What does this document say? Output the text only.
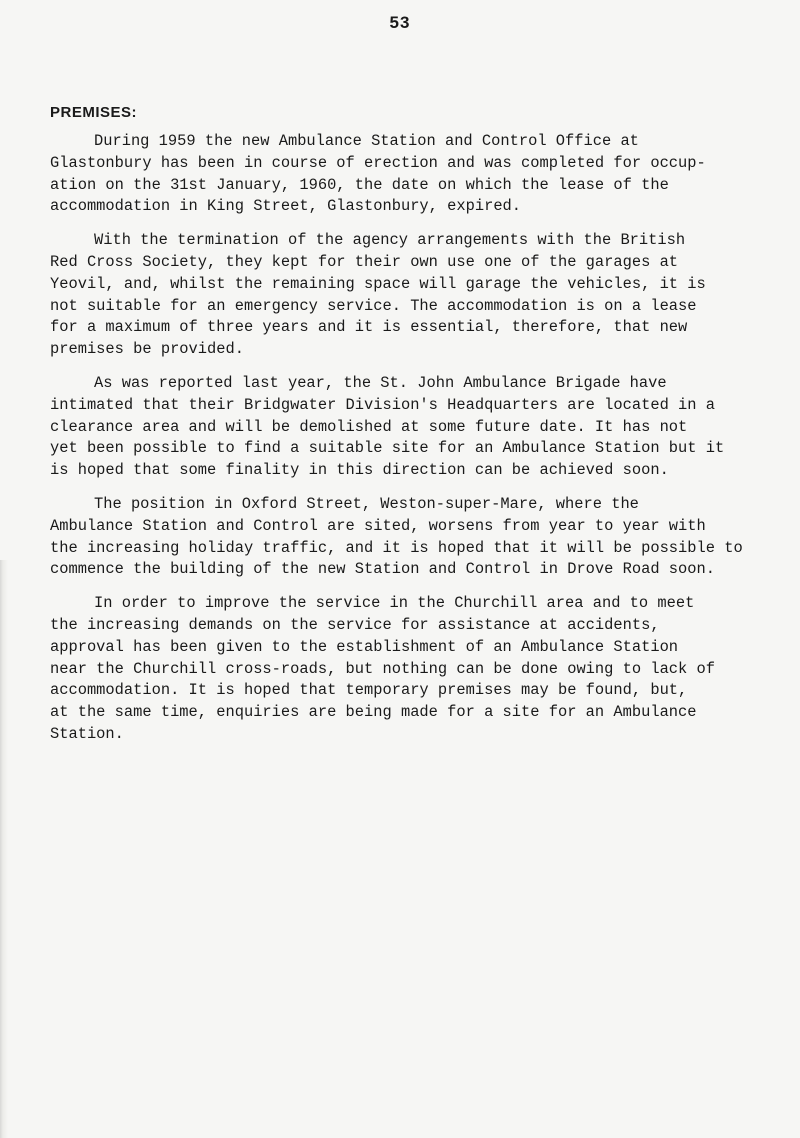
53
PREMISES:
During 1959 the new Ambulance Station and Control Office at
Glastonbury has been in course of erection and was completed for occup-
ation on the 31st January, 1960, the date on which the lease of the
accommodation in King Street, Glastonbury, expired.
With the termination of the agency arrangements with the British
Red Cross Society, they kept for their own use one of the garages at
Yeovil, and, whilst the remaining space will garage the vehicles, it is
not suitable for an emergency service. The accommodation is on a lease
for a maximum of three years and it is essential, therefore, that new
premises be provided.
As was reported last year, the St. John Ambulance Brigade have
intimated that their Bridgwater Division's Headquarters are located in a
clearance area and will be demolished at some future date. It has not
yet been possible to find a suitable site for an Ambulance Station but it
is hoped that some finality in this direction can be achieved soon.
The position in Oxford Street, Weston-super-Mare, where the
Ambulance Station and Control are sited, worsens from year to year with
the increasing holiday traffic, and it is hoped that it will be possible to
commence the building of the new Station and Control in Drove Road soon.
In order to improve the service in the Churchill area and to meet
the increasing demands on the service for assistance at accidents,
approval has been given to the establishment of an Ambulance Station
near the Churchill cross-roads, but nothing can be done owing to lack of
accommodation. It is hoped that temporary premises may be found, but,
at the same time, enquiries are being made for a site for an Ambulance
Station.
